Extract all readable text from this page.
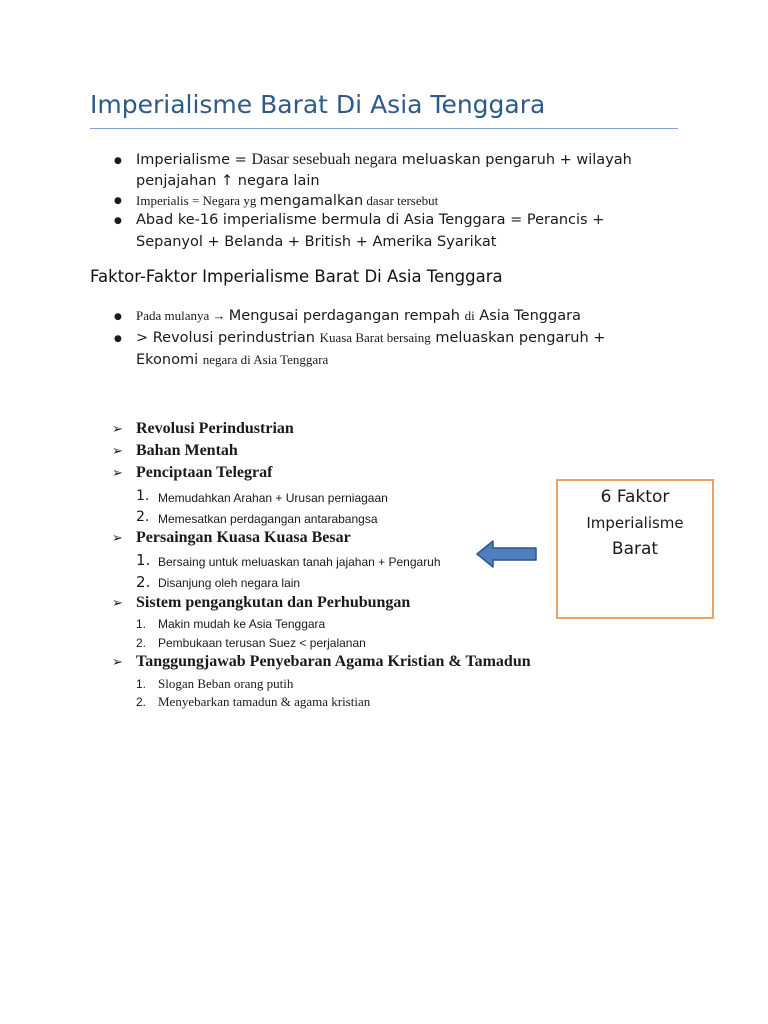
Imperialisme Barat Di Asia Tenggara
● Imperialisme = Dasar sesebuah negara meluaskan pengaruh + wilayah
penjajahan ↑ negara lain
● Imperialis = Negara yg mengamalkan dasar tersebut
● Abad ke-16 imperialisme bermula di Asia Tenggara = Perancis +
Sepanyol + Belanda + British + Amerika Syarikat
Faktor-Faktor Imperialisme Barat Di Asia Tenggara
● Pada mulanya → Mengusai perdagangan rempah di Asia Tenggara
● > Revolusi perindustrian Kuasa Barat bersaing meluaskan pengaruh +
Ekonomi negara di Asia Tenggara
➢ Revolusi Perindustrian
➢ Bahan Mentah
➢ Penciptaan Telegraf
1. Memudahkan Arahan + Urusan perniagaan
2. Memesatkan perdagangan antarabangsa
➢ Persaingan Kuasa Kuasa Besar
1. Bersaing untuk meluaskan tanah jajahan + Pengaruh
2. Disanjung oleh negara lain
➢ Sistem pengangkutan dan Perhubungan
1. Makin mudah ke Asia Tenggara
2. Pembukaan terusan Suez < perjalanan
➢ Tanggungjawab Penyebaran Agama Kristian & Tamadun
1. Slogan Beban orang putih
2. Menyebarkan tamadun & agama kristian
6 Faktor
Imperialisme
Barat
